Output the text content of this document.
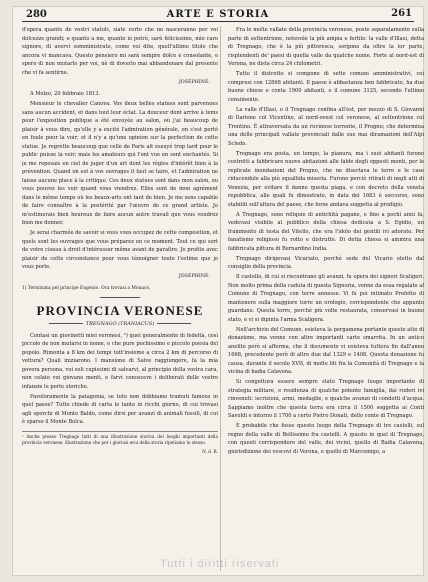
280	ARTE E STORIA	261

d'opera quanto de vostri statuti, siate certo che ne nasceranno per voi dolcezze grandi; e quanto a me, quanto io potrò, sarò felicissimo, mio caro signore, di avervi somministrato, come voi dite, quell'ultimo titolo che ancora vi mancava. Questo pensiero mi sarà sempre dolce e consolante, e spero di non mutarlo per voi, nè di doverlo mai abbandonare dal presente che vi fa sentirne.

JOSÉPHINE.

A Melzo, 20 febbraio 1813.

Monsieur le chevalier Canova. Vos deux belles statues sont parvenues sans aucun accident, et dans tout leur éclat. La douceur dont arrive à tems pour l'exposition publique a été envoyée au salon, où j'ai beaucoup de plaisir à vous dire, qu'elle y a excité l'admiration générale, on s'est porté en foule pour la voir; et il n'y a qu'une opinion sur la perfection de cette statue. Je regrette beaucoup que celle de Paris ait essuyé trop tard pour le public puisse la voir; mais les amateurs qui l'ont vue en sont enchantés. Si je me reposais en ciel de juger d'un art dont les règles d'intérêt bien à la prévention. Quand on est à vos ouvrages il faut se taire, et l'admiration ne laisse aucune place à la critique. Ces deux statues sont dans mon salon, ou vous pouvez les voir quand vous viendrez. Elles sont de mon agrément dans le même temps où les beaux-arts ont tant de bien. Je me sens capable de faire connaître à la postérité par l'œuvre de ce grand artiste. Je m'estimerais bien heureux de faire aucun autre travail que vous voudrez bien me donner.

Je serai charmée de savoir si vous vous occupez de cette composition, et quels sont les ouvrages que vous préparez en ce moment. Tout ce qui sort de votre ciseau à droit d'intéresser même avant de paraître. Je profite avec plaisir de cette circonstance pour vous témoigner toute l'estime que je vous porte.

JOSÉPHINE.

1) Terminata pel principe Eugenio. Ora trovasi a Monaco.

PROVINCIA VERONESE

TREGNAGO (TRANIACUS)

Contasi un giovinetti miei veronesi, ¹) quei generalmente di fedeltà, così piccolo de non mutarsi in nome, e che pure pochissimo e piccolo poesia del popolo. Rimonta a 8 km dei tempi tutt'insieme a circa 2 km di percorso di vettura? Quali iniziarono. I mansione di Salve raggiungere, fa la mia povera persona, voi soli cupissimi di salvarvi, al principio della vostra cara, non celate voi giovane menti, e farvi conoscere i deliberati delle vostre infanzie le porte storiche.

Favoloramente la patagonia, se tuto non dobbiamo tramuti famous in quel paese? Tutto chiede di carta le tante in ricchi giorno, di cui trovasi agli sporchi di Monte Baldo, come dirsi per avanzi di animali fossili, di cui è sparso il Monte Bolca.

¹ Anche presso Tregnago fatti di una illustrazione storica dei luoghi importanti della provincia veronese, illustrazione che per i gloriosi eroi della storia ripetiamo lo stesso.

N. d. R.

Fra le molte vallate della provincia veronese, poste separatamente sulla parte di settentrione, notevole la più ampia e fertile: la valle d'Illasi, detta di Tregnago, che è la più pittoresca, sorgono da oltre la lor parte, risplendenti de' paesi di quella valle da qualche nome. Forte al nord-est di Verona, ne dista circa 24 chilometri.

Tutto il distretto si compone di sette comuni amministrativi, coi compresi con 12868 abitanti. Il paese è abbastanza ben fabbricato, ha due buone chiese e conta 1900 abitanti, e il comune 3125, secondo l'ultimo censimento.

La valle d'Illasi, o il Tregnago confina all'est, per mezzo di S. Giovanni di Ilarione col Vicentino, al nord-ovest col veronese, al settentrione col Trentino. È attraversata da un ruvinoso torrente, il Progno; che determina una delle principali vallate provinciali dalle sue mai diramazioni dell'Alpi Scledo.

Tregnago era posta, un tempo, la pianura, ma i suoi abitanti furono costretti a fabbricare nuove abitazioni alle falde degli opposti monti, per le replicate inondazioni del Progno, che ne disertava le terre e le case riducendole alla più squallida miseria. Furono perciò ritirati di negli atti di Venezia, per evitare il danno questa piaga, e con decreto della veneta repubblica, alle quali fu dimostrato, in data del 1683 è soccorso, sono stabiliti sull'altura del paese, che forse andava soggetta al prodigio.

A Tregnago, sono reliquie di antichità pagane, e fino a pochi anni fa, vedevasi visibile al pubblico della chiesa dedicata a S. Egidio, un frammento di testa del Vitello, che era l'idolo dei gentili ivi adorato. Per fanatismo religioso fu rotto e distrutto. Di detta chiesa si ammira una fabbricata pittura di Bernardino India.

Tregnago dirigevasi Vicariato, perché sede del Vicario eletto dal consiglio della provincia.

Il castello, di cui si riscontrano gli avanzi, fu opera dei signori Scaligeri. Non molto prima della caduta di questa Signoria, venne da essa regalato al Comune di Tregnago, con terre annesse. Vi fu poi intimato Prefetto di mantenere sulla maggiore torre un orologio, corrispondente che appunto guardano. Questa torre, perchè più volte restaurata, conservasi in buono stato, e vi si dipinta l'arma Scaligera.

Nell'archivio del Comune, esisteva la pergamena portante questo atto di donazione, ma venne con altre importanti carte smarrita. In un antico anelito però si afferma, che il documento vi esisteva tuttora fin dall'anno 1668, precedente però di altre due dal 1329 e 1408. Questa donazione fu causa, durante il secolo XVII, di molte liti fra la Comunità di Tregnago e la vicina di badia Calavena.

Si congettura essere sempre stato Tregnago luogo importante di strategia militare, e residenza di qualche potente famiglia, dai ruderi ivi rinvenuti: iscrizioni, armi, medaglie, e qualche avanzo di condotti d'acqua. Sappiamo inoltre che questa terra era circa il 1500 soggetta ai Conti Savoldi e intorno il 1700 a certo Pietro Donati, dello conte di Tregnago.

È probabile che fosse questo luogo della Tregnago di tre castelli, sul regno della valle di Bellissimo fra castelli. A questo in quel di Tregnago, con questi corrispondere del valle, dei vicini, quello di Badia Calavena, giurisdizione dei vescovi di Verona, e quello di Marcemigo, a

Tutti i diritti riservati
